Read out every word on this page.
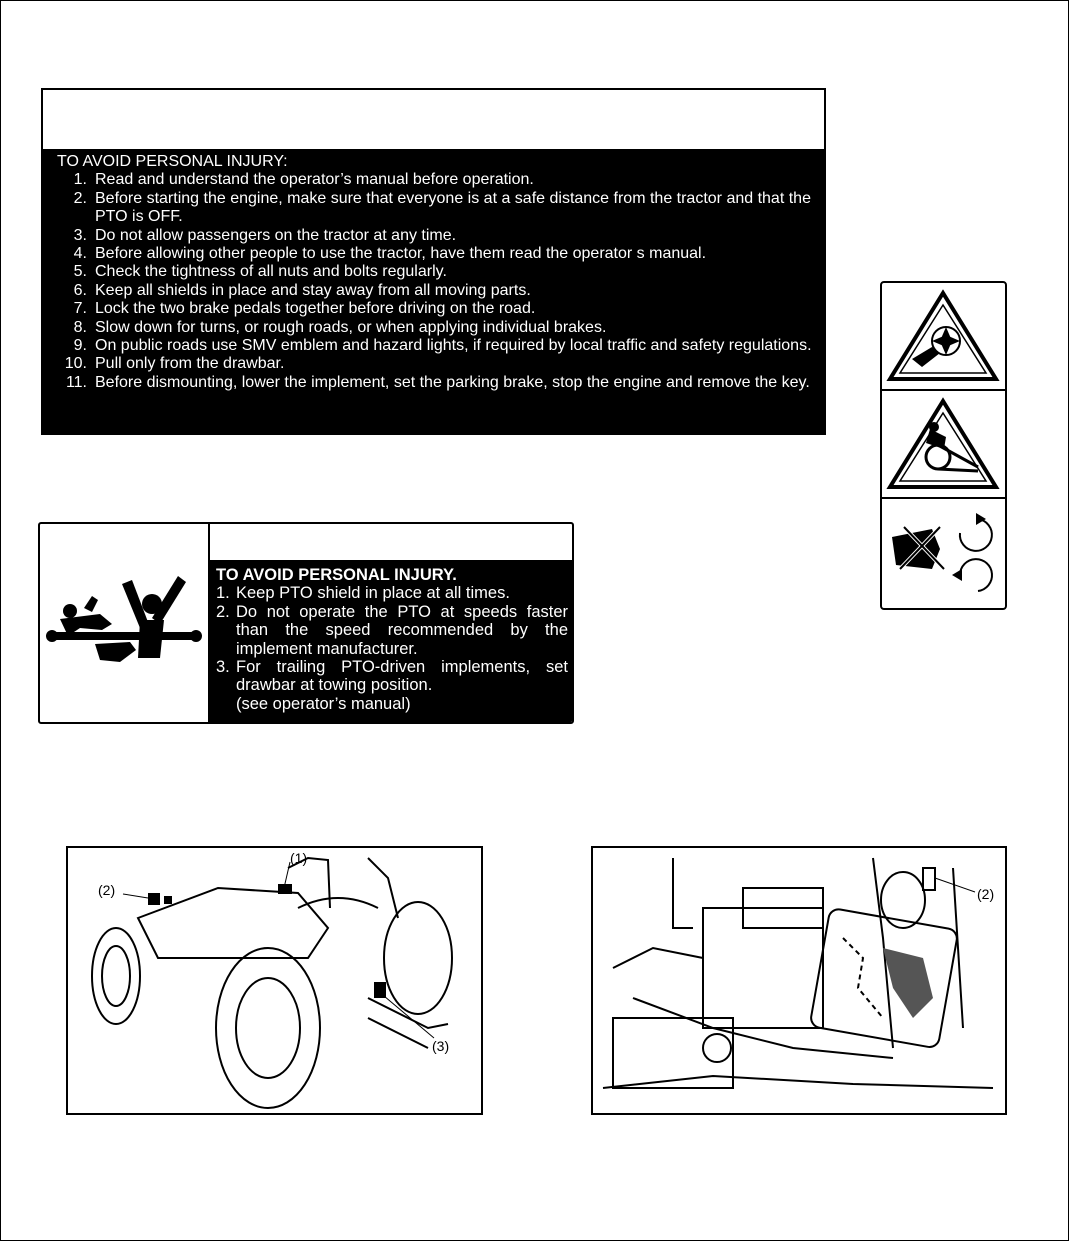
TO AVOID PERSONAL INJURY:

1. Read and understand the operator’s manual before operation.
2. Before starting the engine, make sure that everyone is at a safe distance from the tractor and that the PTO is OFF.
3. Do not allow passengers on the tractor at any time.
4. Before allowing other people to use the tractor, have them read the operator s manual.
5. Check the tightness of all nuts and bolts regularly.
6. Keep all shields in place and stay away from all moving parts.
7. Lock the two brake pedals together before driving on the road.
8. Slow down for turns, or rough roads, or when applying individual brakes.
9. On public roads use SMV emblem and hazard lights, if required by local traffic and safety regulations.
10. Pull only from the drawbar.
11. Before dismounting, lower the implement, set the parking brake, stop the engine and remove the key.

TO AVOID PERSONAL INJURY.

1. Keep PTO shield in place at all times.
2. Do not operate the PTO at speeds faster than the speed recommended by the implement manufacturer.
3. For trailing PTO-driven implements, set drawbar at towing position.
(see operator’s manual)
(1)
(2)
(3)
(2)
